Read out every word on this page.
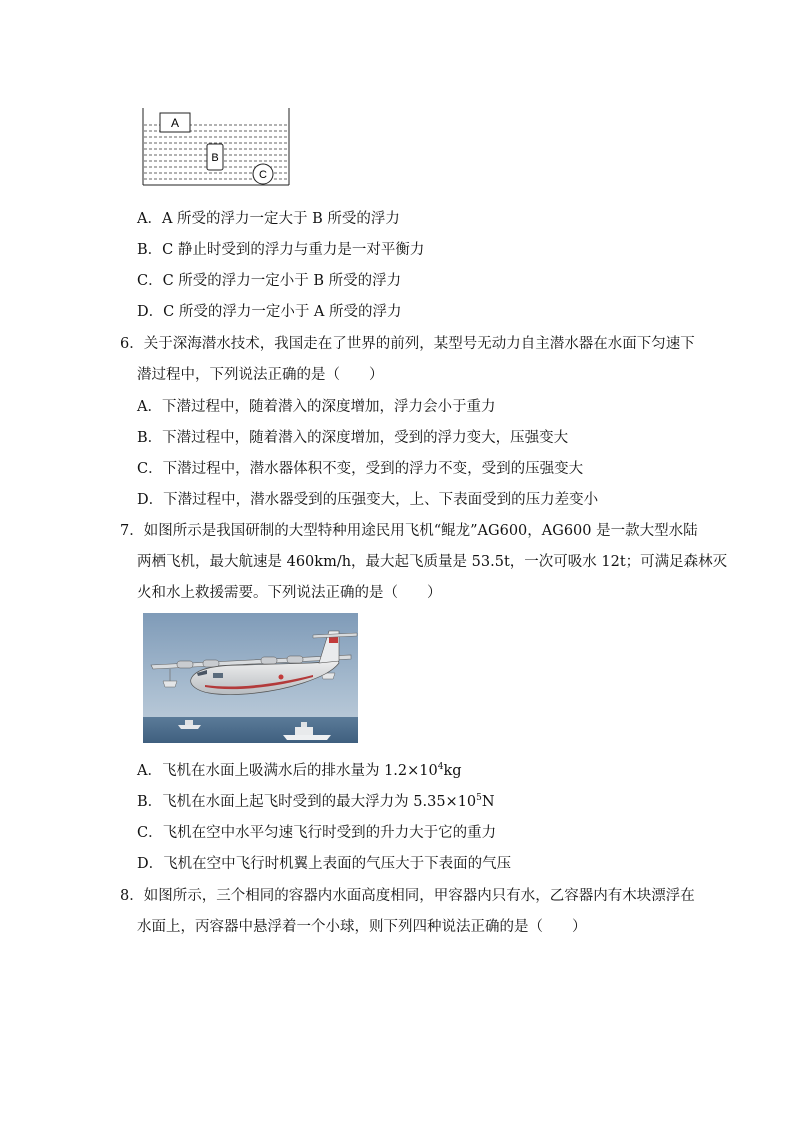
A
B
C
A．A 所受的浮力一定大于 B 所受的浮力
B．C 静止时受到的浮力与重力是一对平衡力
C．C 所受的浮力一定小于 B 所受的浮力
D．C 所受的浮力一定小于 A 所受的浮力
6．关于深海潜水技术，我国走在了世界的前列，某型号无动力自主潜水器在水面下匀速下
潜过程中，下列说法正确的是（　　）
A．下潜过程中，随着潜入的深度增加，浮力会小于重力
B．下潜过程中，随着潜入的深度增加，受到的浮力变大，压强变大
C．下潜过程中，潜水器体积不变，受到的浮力不变，受到的压强变大
D．下潜过程中，潜水器受到的压强变大，上、下表面受到的压力差变小
7．如图所示是我国研制的大型特种用途民用飞机“鲲龙”AG600，AG600 是一款大型水陆
两栖飞机，最大航速是 460km/h，最大起飞质量是 53.5t，一次可吸水 12t；可满足森林灭
火和水上救援需要。下列说法正确的是（　　）
A．飞机在水面上吸满水后的排水量为 $1.2\times 10^4kg$
B．飞机在水面上起飞时受到的最大浮力为 $5.35\times 10^5N$
C．飞机在空中水平匀速飞行时受到的升力大于它的重力
D．飞机在空中飞行时机翼上表面的气压大于下表面的气压
8．如图所示，三个相同的容器内水面高度相同，甲容器内只有水，乙容器内有木块漂浮在
水面上，丙容器中悬浮着一个小球，则下列四种说法正确的是（　　）
